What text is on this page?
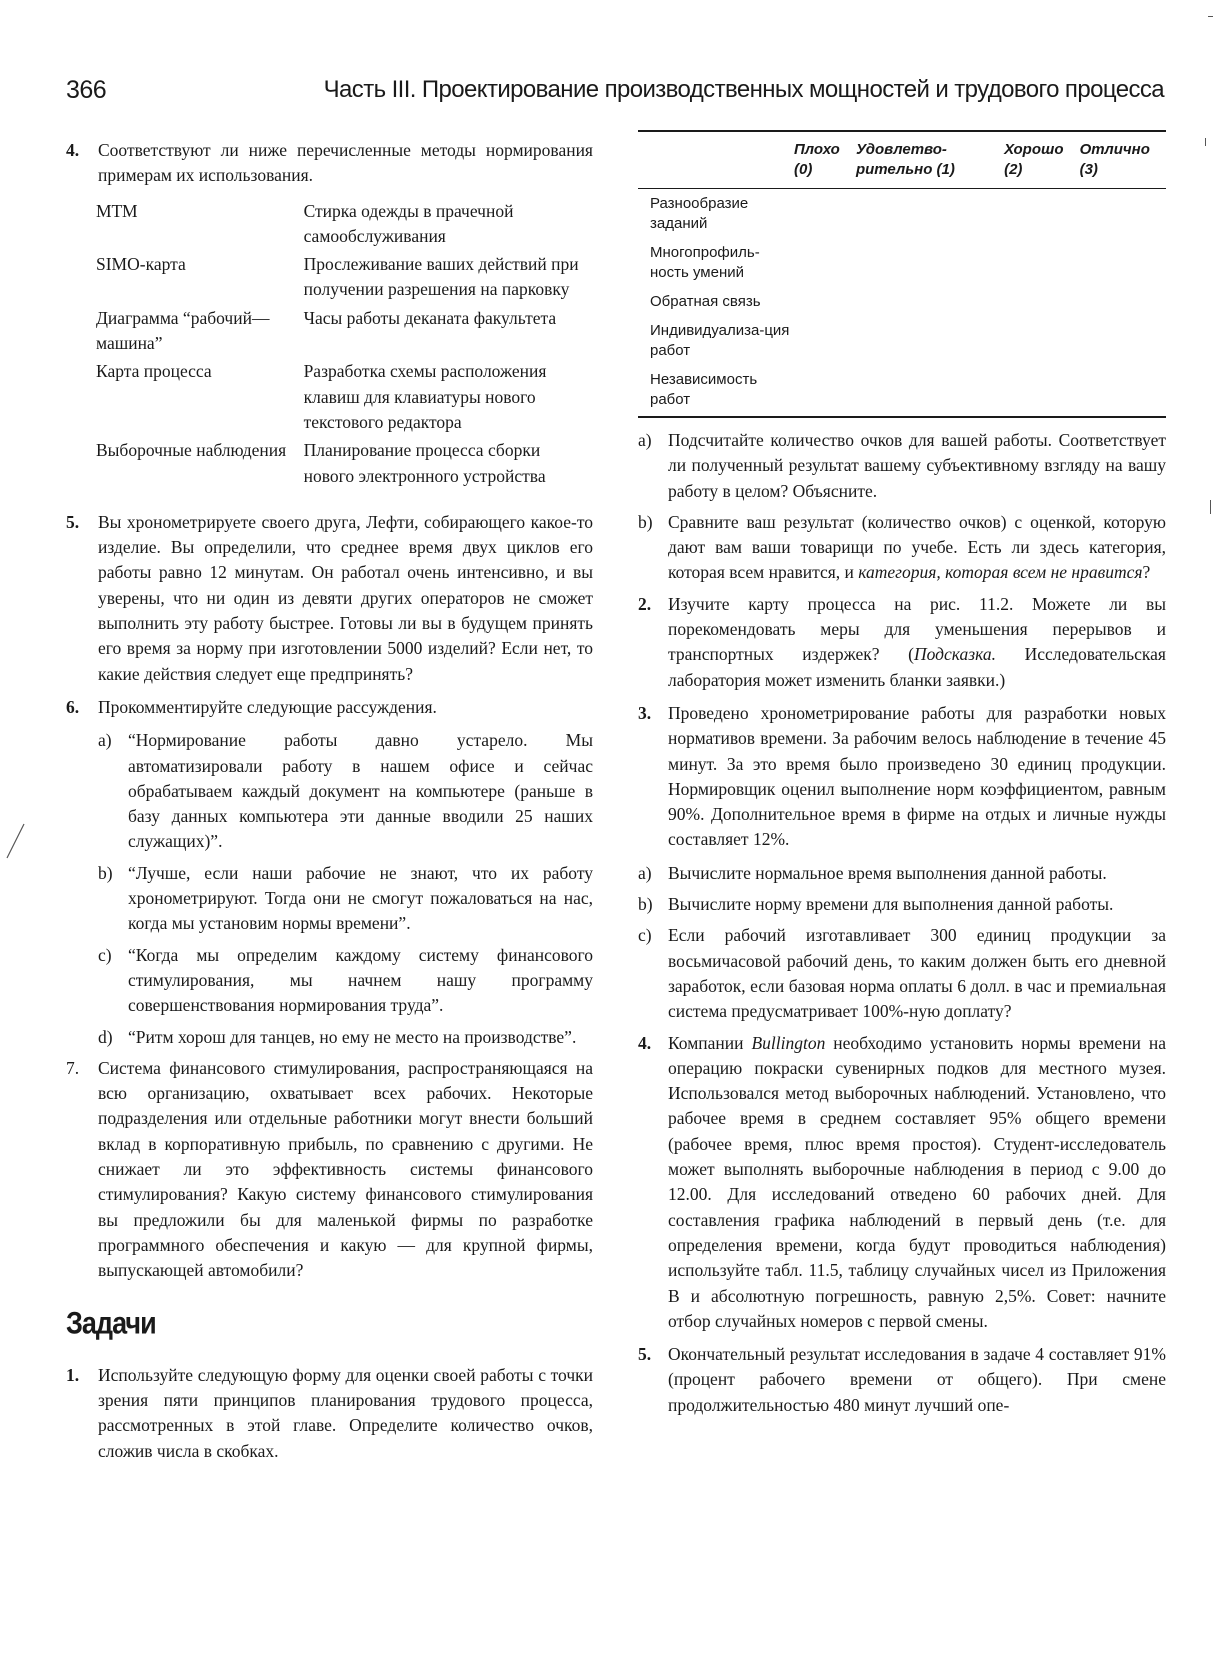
366	Часть III. Проектирование производственных мощностей и трудового процесса
4. Соответствуют ли ниже перечисленные методы нормирования примерам их использования.
МТМ	Стирка одежды в прачечной самообслуживания
SIMO-карта	Прослеживание ваших действий при получении разрешения на парковку
Диаграмма “рабочий—машина”	Часы работы деканата факультета
Карта процесса	Разработка схемы расположения клавиш для клавиатуры нового текстового редактора
Выборочные наблюдения	Планирование процесса сборки нового электронного устройства
5. Вы хронометрируете своего друга, Лефти, собирающего какое-то изделие. Вы определили, что среднее время двух циклов его работы равно 12 минутам. Он работал очень интенсивно, и вы уверены, что ни один из девяти других операторов не сможет выполнить эту работу быстрее. Готовы ли вы в будущем принять его время за норму при изготовлении 5000 изделий? Если нет, то какие действия следует еще предпринять?
6. Прокомментируйте следующие рассуждения.
a) “Нормирование работы давно устарело. Мы автоматизировали работу в нашем офисе и сейчас обрабатываем каждый документ на компьютере (раньше в базу данных компьютера эти данные вводили 25 наших служащих)”.
b) “Лучше, если наши рабочие не знают, что их работу хронометрируют. Тогда они не смогут пожаловаться на нас, когда мы установим нормы времени”.
c) “Когда мы определим каждому систему финансового стимулирования, мы начнем нашу программу совершенствования нормирования труда”.
d) “Ритм хорош для танцев, но ему не место на производстве”.
7. Система финансового стимулирования, распространяющаяся на всю организацию, охватывает всех рабочих. Некоторые подразделения или отдельные работники могут внести больший вклад в корпоративную прибыль, по сравнению с другими. Не снижает ли это эффективность системы финансового стимулирования? Какую систему финансового стимулирования вы предложили бы для маленькой фирмы по разработке программного обеспечения и какую — для крупной фирмы, выпускающей автомобили?
Задачи
1. Используйте следующую форму для оценки своей работы с точки зрения пяти принципов планирования трудового процесса, рассмотренных в этой главе. Определите количество очков, сложив числа в скобках.
	Плохо (0)	Удовлетво-рительно (1)	Хорошо (2)	Отлично (3)
Разнообразие заданий				
Многопрофиль-ность умений				
Обратная связь				
Индивидуализа-ция работ				
Независимость работ				
a) Подсчитайте количество очков для вашей работы. Соответствует ли полученный результат вашему субъективному взгляду на вашу работу в целом? Объясните.
b) Сравните ваш результат (количество очков) с оценкой, которую дают вам ваши товарищи по учебе. Есть ли здесь категория, которая всем нравится, и категория, которая всем не нравится?
2. Изучите карту процесса на рис. 11.2. Можете ли вы порекомендовать меры для уменьшения перерывов и транспортных издержек? (Подсказка. Исследовательская лаборатория может изменить бланки заявки.)
3. Проведено хронометрирование работы для разработки новых нормативов времени. За рабочим велось наблюдение в течение 45 минут. За это время было произведено 30 единиц продукции. Нормировщик оценил выполнение норм коэффициентом, равным 90%. Дополнительное время в фирме на отдых и личные нужды составляет 12%.
a) Вычислите нормальное время выполнения данной работы.
b) Вычислите норму времени для выполнения данной работы.
c) Если рабочий изготавливает 300 единиц продукции за восьмичасовой рабочий день, то каким должен быть его дневной заработок, если базовая норма оплаты 6 долл. в час и премиальная система предусматривает 100%-ную доплату?
4. Компании Bullington необходимо установить нормы времени на операцию покраски сувенирных подков для местного музея. Использовался метод выборочных наблюдений. Установлено, что рабочее время в среднем составляет 95% общего времени (рабочее время, плюс время простоя). Студент-исследователь может выполнять выборочные наблюдения в период с 9.00 до 12.00. Для исследований отведено 60 рабочих дней. Для составления графика наблюдений в первый день (т.е. для определения времени, когда будут проводиться наблюдения) используйте табл. 11.5, таблицу случайных чисел из Приложения B и абсолютную погрешность, равную 2,5%. Совет: начните отбор случайных номеров с первой смены.
5. Окончательный результат исследования в задаче 4 составляет 91% (процент рабочего времени от общего). При смене продолжительностью 480 минут лучший опе-
